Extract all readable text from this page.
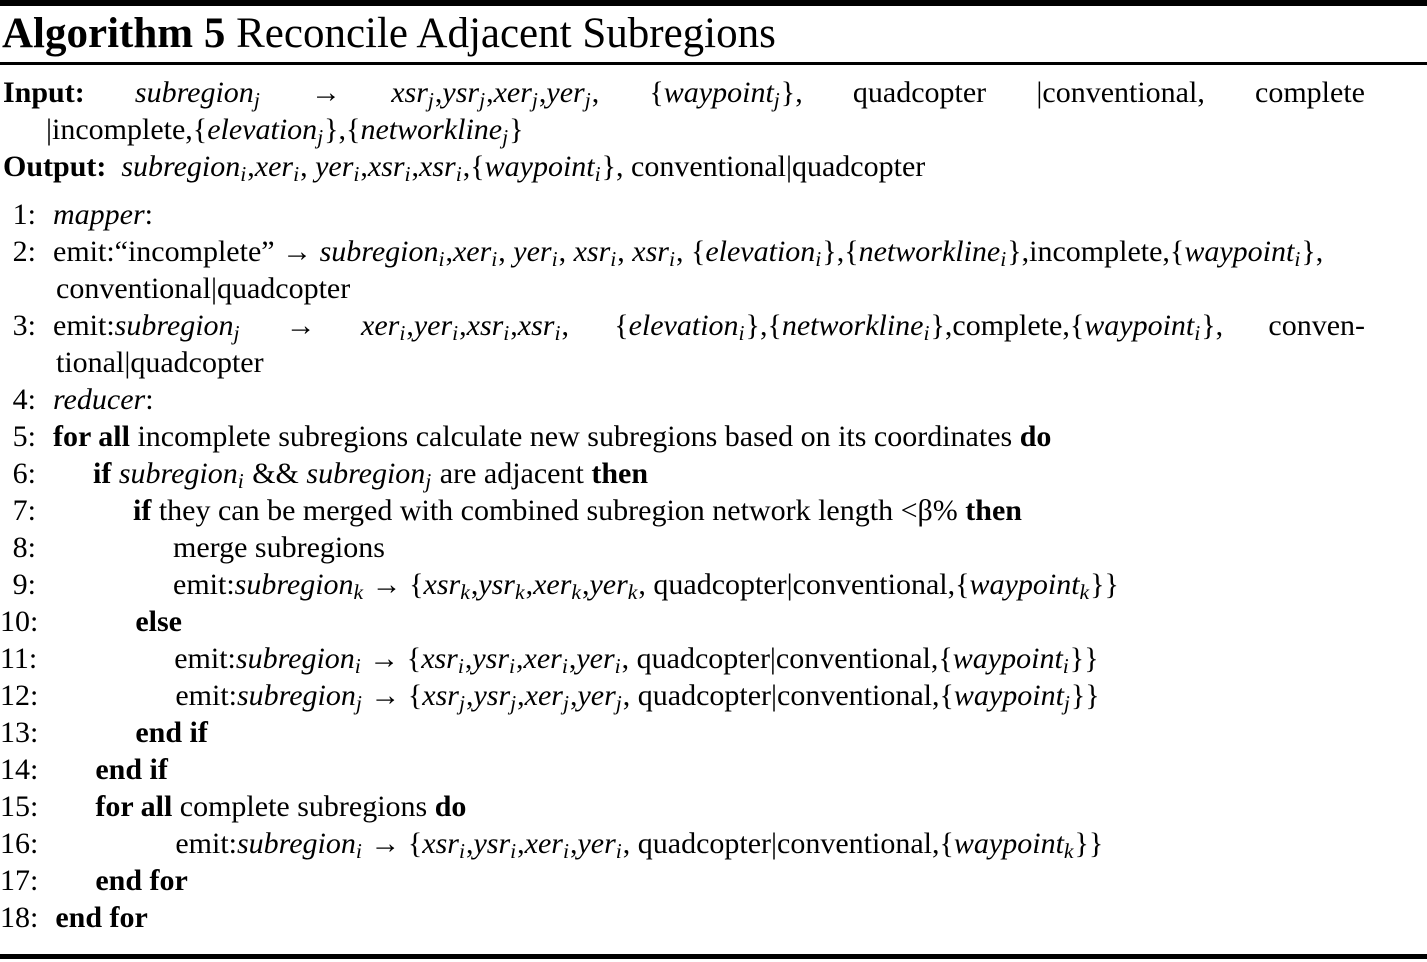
Algorithm 5 Reconcile Adjacent Subregions
Input: subregionj → xsrj,ysrj,xerj,yerj, {waypointj}, quadcopter |conventional, complete
|incomplete,{elevationj},{networklinej}
Output: subregioni,xeri, yeri,xsri,xsri,{waypointi}, conventional|quadcopter
1: mapper:
2: emit:“incomplete” → subregioni,xeri, yeri, xsri, xsri, {elevationi},{networklinei},incomplete,{waypointi},
conventional|quadcopter
3: emit:subregionj → xeri,yeri,xsri,xsri, {elevationi},{networklinei},complete,{waypointi}, conven-
tional|quadcopter
4: reducer:
5: for all incomplete subregions calculate new subregions based on its coordinates do
6:	if subregioni && subregionj are adjacent then
7:	if they can be merged with combined subregion network length <β% then
8:	merge subregions
9:	emit:subregionk → {xsrk,ysrk,xerk,yerk, quadcopter|conventional,{waypointk}}
10:	else
11:	emit:subregioni → {xsri,ysri,xeri,yeri, quadcopter|conventional,{waypointi}}
12:	emit:subregionj → {xsrj,ysrj,xerj,yerj, quadcopter|conventional,{waypointj}}
13:	end if
14:	end if
15:	for all complete subregions do
16:	emit:subregioni → {xsri,ysri,xeri,yeri, quadcopter|conventional,{waypointk}}
17:	end for
18: end for
